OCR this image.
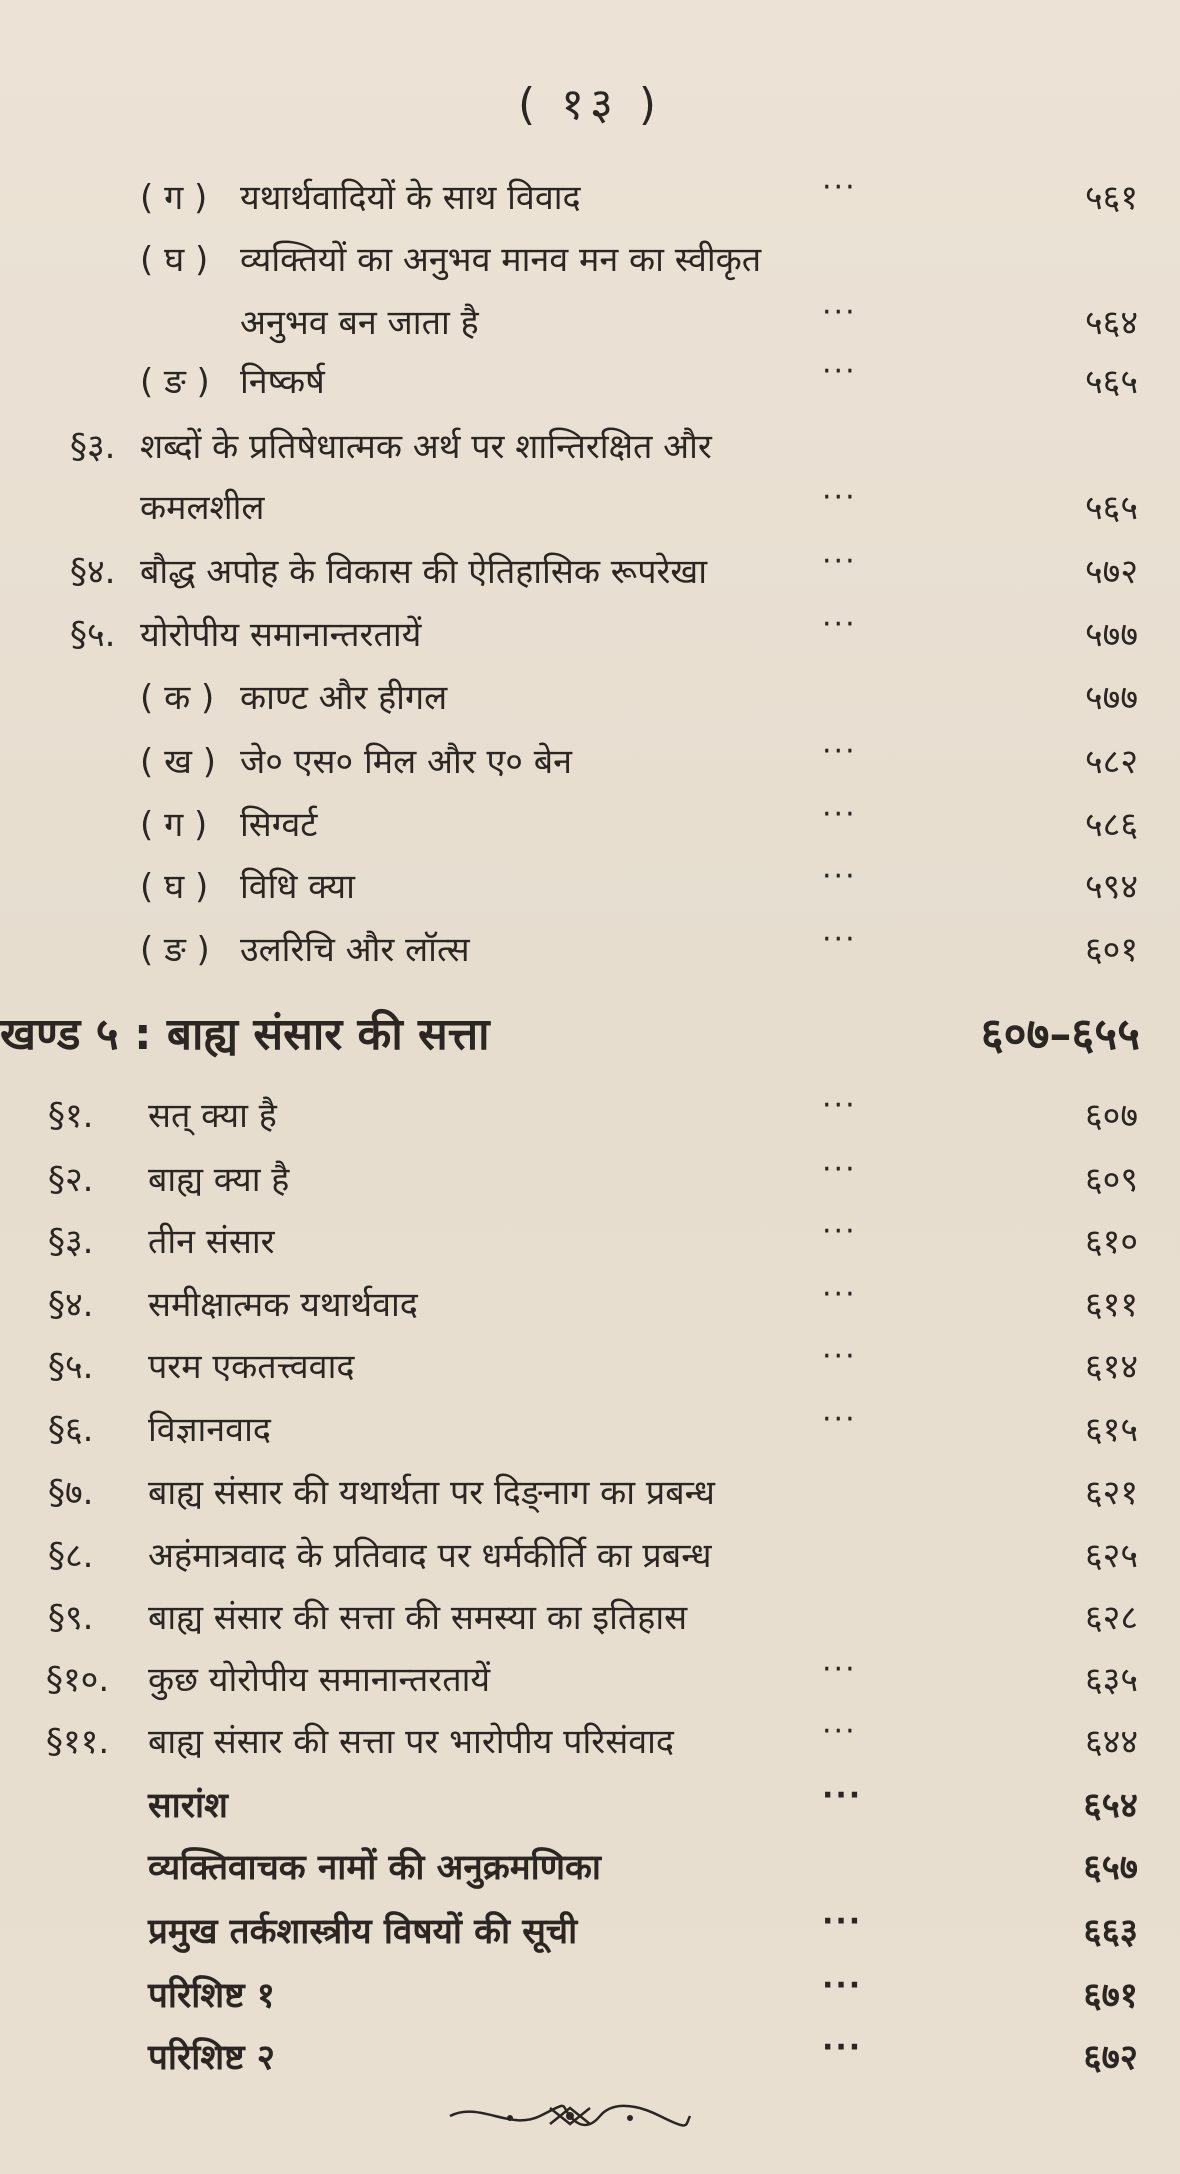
( १३ )
( ग ) यथार्थवादियों के साथ विवाद	···	५६१
( घ ) व्यक्तियों का अनुभव मानव मन का स्वीकृत
अनुभव बन जाता है	···	५६४
( ङ ) निष्कर्ष	···	५६५
§३. शब्दों के प्रतिषेधात्मक अर्थ पर शान्तिरक्षित और
कमलशील	···	५६५
§४. बौद्ध अपोह के विकास की ऐतिहासिक रूपरेखा	···	५७२
§५. योरोपीय समानान्तरतायें	···	५७७
( क ) काण्ट और हीगल	५७७
( ख ) जे० एस० मिल और ए० बेन	···	५८२
( ग ) सिग्वर्ट	···	५८६
( घ ) विधि क्या	···	५९४
( ङ ) उलरिचि और लॉत्स	···	६०१
खण्ड ५ : बाह्य संसार की सत्ता	६०७–६५५
§१. सत् क्या है	···	६०७
§२. बाह्य क्या है	···	६०९
§३. तीन संसार	···	६१०
§४. समीक्षात्मक यथार्थवाद	···	६११
§५. परम एकतत्त्ववाद	···	६१४
§६. विज्ञानवाद	···	६१५
§७. बाह्य संसार की यथार्थता पर दिङ्नाग का प्रबन्ध	६२१
§८. अहंमात्रवाद के प्रतिवाद पर धर्मकीर्ति का प्रबन्ध	६२५
§९. बाह्य संसार की सत्ता की समस्या का इतिहास	६२८
§१०. कुछ योरोपीय समानान्तरतायें	···	६३५
§११. बाह्य संसार की सत्ता पर भारोपीय परिसंवाद	···	६४४
सारांश	···	६५४
व्यक्तिवाचक नामों की अनुक्रमणिका	६५७
प्रमुख तर्कशास्त्रीय विषयों की सूची	···	६६३
परिशिष्ट १	···	६७१
परिशिष्ट २	···	६७२
